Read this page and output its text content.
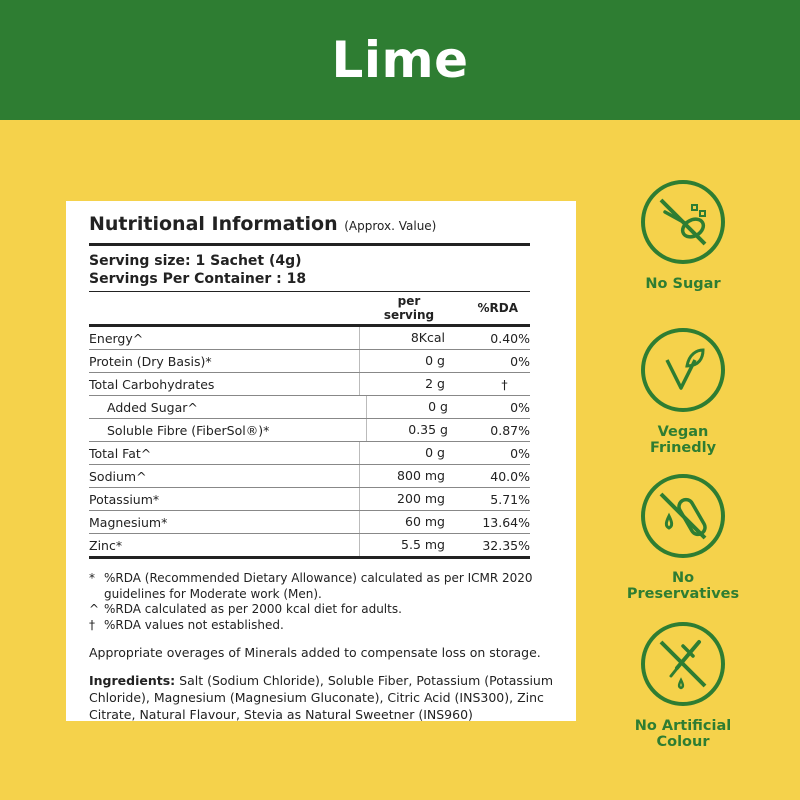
Lime
Nutritional Information (Approx. Value)
Serving size: 1 Sachet (4g)
Servings Per Container : 18
per serving	%RDA
Energy^	8Kcal	0.40%
Protein (Dry Basis)*	0 g	0%
Total Carbohydrates	2 g	†
Added Sugar^	0 g	0%
Soluble Fibre (FiberSol®)*	0.35 g	0.87%
Total Fat^	0 g	0%
Sodium^	800 mg	40.0%
Potassium*	200 mg	5.71%
Magnesium*	60 mg	13.64%
Zinc*	5.5 mg	32.35%
* %RDA (Recommended Dietary Allowance) calculated as per ICMR 2020 guidelines for Moderate work (Men).
^ %RDA calculated as per 2000 kcal diet for adults.
† %RDA values not established.
Appropriate overages of Minerals added to compensate loss on storage.
Ingredients: Salt (Sodium Chloride), Soluble Fiber, Potassium (Potassium Chloride), Magnesium (Magnesium Gluconate), Citric Acid (INS300), Zinc Citrate, Natural Flavour, Stevia as Natural Sweetner (INS960)
No Sugar
Vegan
Frinedly
No
Preservatives
No Artificial
Colour
